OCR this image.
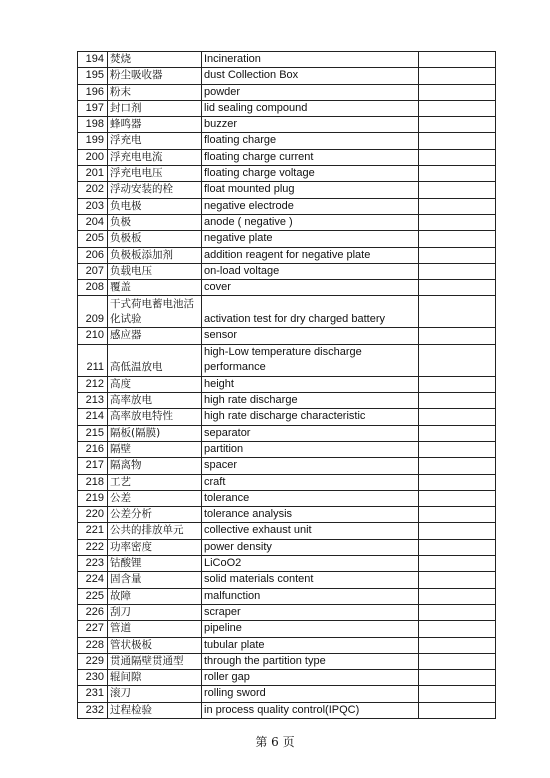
194	焚烧	Incineration	
195	粉尘吸收器	dust Collection Box	
196	粉末	powder	
197	封口剂	lid sealing compound	
198	蜂鸣器	buzzer	
199	浮充电	floating charge	
200	浮充电电流	floating charge current	
201	浮充电电压	floating charge voltage	
202	浮动安装的栓	float mounted plug	
203	负电极	negative electrode	
204	负极	anode ( negative )	
205	负极板	negative plate	
206	负极板添加剂	addition reagent for negative plate	
207	负载电压	on-load voltage	
208	覆盖	cover	
209	干式荷电蓄电池活化试验	activation test for dry charged battery	
210	感应器	sensor	
211	高低温放电	high-Low temperature discharge performance	
212	高度	height	
213	高率放电	high rate discharge	
214	高率放电特性	high rate discharge characteristic	
215	隔板(隔膜)	separator	
216	隔壁	partition	
217	隔离物	spacer	
218	工艺	craft	
219	公差	tolerance	
220	公差分析	tolerance analysis	
221	公共的排放单元	collective exhaust unit	
222	功率密度	power density	
223	钴酸锂	LiCoO2	
224	固含量	solid materials content	
225	故障	malfunction	
226	刮刀	scraper	
227	管道	pipeline	
228	管状极板	tubular plate	
229	贯通隔壁贯通型	through the partition type	
230	辊间隙	roller gap	
231	滚刀	rolling sword	
232	过程检验	in process quality control(IPQC)	
第 6 页
